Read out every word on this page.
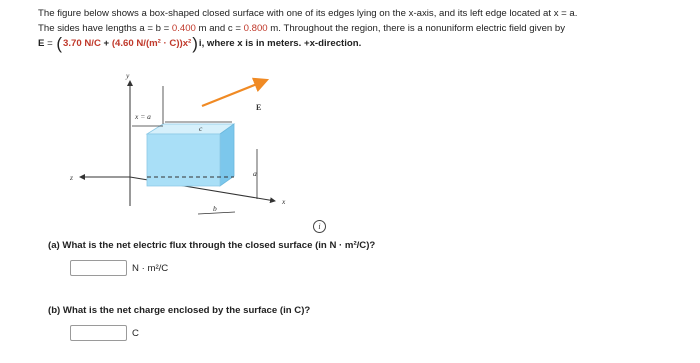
The figure below shows a box-shaped closed surface with one of its edges lying on the x-axis, and its left edge located at x = a.

The sides have lengths a = b = 0.400 m and c = 0.800 m. Throughout the region, there is a nonuniform electric field given by

E = ( 3.70 N/C + (4.60 N/(m² · C))x² ) i, where x is in meters. +x-direction.
x = a
c
a
b
E
y
z
x
i
(a) What is the net electric flux through the closed surface (in N · m²/C)?
N · m²/C
(b) What is the net charge enclosed by the surface (in C)?
C
